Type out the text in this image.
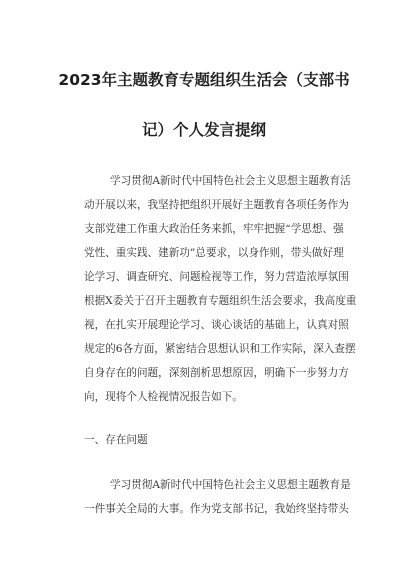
2023年主题教育专题组织生活会（支部书
记）个人发言提纲
学习贯彻A新时代中国特色社会主义思想主题教育活
动开展以来，我坚持把组织开展好主题教育各项任务作为
支部党建工作重大政治任务来抓，牢牢把握“学思想、强
党性、重实践、建新功”总要求，以身作则，带头做好理
论学习、调查研究、问题检视等工作，努力营造浓厚氛围
根据X委关于召开主题教育专题组织生活会要求，我高度重
视，在扎实开展理论学习、谈心谈话的基础上，认真对照
规定的6各方面，紧密结合思想认识和工作实际，深入查摆
自身存在的问题，深刻剖析思想原因，明确下一步努力方
向，现将个人检视情况报告如下。
一、存在问题
学习贯彻A新时代中国特色社会主义思想主题教育是
一件事关全局的大事。作为党支部书记，我始终坚持带头
